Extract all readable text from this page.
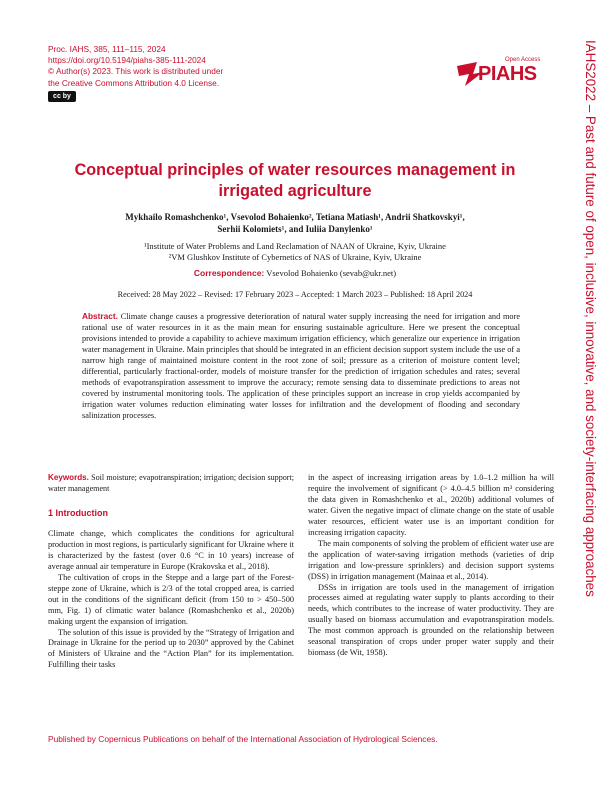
Proc. IAHS, 385, 111–115, 2024
https://doi.org/10.5194/piahs-385-111-2024
© Author(s) 2023. This work is distributed under
the Creative Commons Attribution 4.0 License.
cc by
Open Access
PIAHS	IAHS2022 – Past and future of open, inclusive, innovative, and society-interfacing approaches
Conceptual principles of water resources management in
irrigated agriculture
Mykhailo Romashchenko¹, Vsevolod Bohaienko², Tetiana Matiash¹, Andrii Shatkovskyi¹,
Serhii Kolomiets¹, and Iuliia Danylenko¹
¹Institute of Water Problems and Land Reclamation of NAAN of Ukraine, Kyiv, Ukraine
²VM Glushkov Institute of Cybernetics of NAS of Ukraine, Kyiv, Ukraine
Correspondence: Vsevolod Bohaienko (sevab@ukr.net)
Received: 28 May 2022 – Revised: 17 February 2023 – Accepted: 1 March 2023 – Published: 18 April 2024
Abstract. Climate change causes a progressive deterioration of natural water supply increasing the need for irrigation and more rational use of water resources in it as the main mean for ensuring sustainable agriculture. Here we present the conceptual provisions intended to provide a capability to achieve maximum irrigation efficiency, which generalize our experience in irrigation water management in Ukraine. Main principles that should be integrated in an efficient decision support system include the use of a narrow high range of maintained moisture content in the root zone of soil; pressure as a criterion of moisture content level; differential, particularly fractional-order, models of moisture transfer for the prediction of irrigation schedules and rates; several methods of evapotranspiration assessment to improve the accuracy; remote sensing data to disseminate predictions to areas not covered by instrumental monitoring tools. The application of these principles support an increase in crop yields accompanied by irrigation water volumes reduction eliminating water losses for infiltration and the development of flooding and secondary salinization processes.
Keywords. Soil moisture; evapotranspiration; irrigation; decision support; water management
1 Introduction

Climate change, which complicates the conditions for agricultural production in most regions, is particularly significant for Ukraine where it is characterized by the fastest (over 0.6 °C in 10 years) increase of average annual air temperature in Europe (Krakovska et al., 2018).

The cultivation of crops in the Steppe and a large part of the Forest-steppe zone of Ukraine, which is 2/3 of the total cropped area, is carried out in the conditions of the significant deficit (from 150 to > 450–500 mm, Fig. 1) of climatic water balance (Romashchenko et al., 2020b) making urgent the expansion of irrigation.

The solution of this issue is provided by the “Strategy of Irrigation and Drainage in Ukraine for the period up to 2030” approved by the Cabinet of Ministers of Ukraine and the “Action Plan” for its implementation. Fulfilling their tasks

in the aspect of increasing irrigation areas by 1.0–1.2 million ha will require the involvement of significant (> 4.0–4.5 billion m³ considering the data given in Romashchenko et al., 2020b) additional volumes of water. Given the negative impact of climate change on the state of usable water resources, efficient water use is an important condition for increasing irrigation capacity.

The main components of solving the problem of efficient water use are the application of water-saving irrigation methods (varieties of drip irrigation and low-pressure sprinklers) and decision support systems (DSS) in irrigation management (Mainaa et al., 2014).

DSSs in irrigation are tools used in the management of irrigation processes aimed at regulating water supply to plants according to their needs, which contributes to the increase of water productivity. They are usually based on biomass accumulation and evapotranspiration models. The most common approach is grounded on the relationship between seasonal transpiration of crops under proper water supply and their biomass (de Wit, 1958).

Published by Copernicus Publications on behalf of the International Association of Hydrological Sciences.
